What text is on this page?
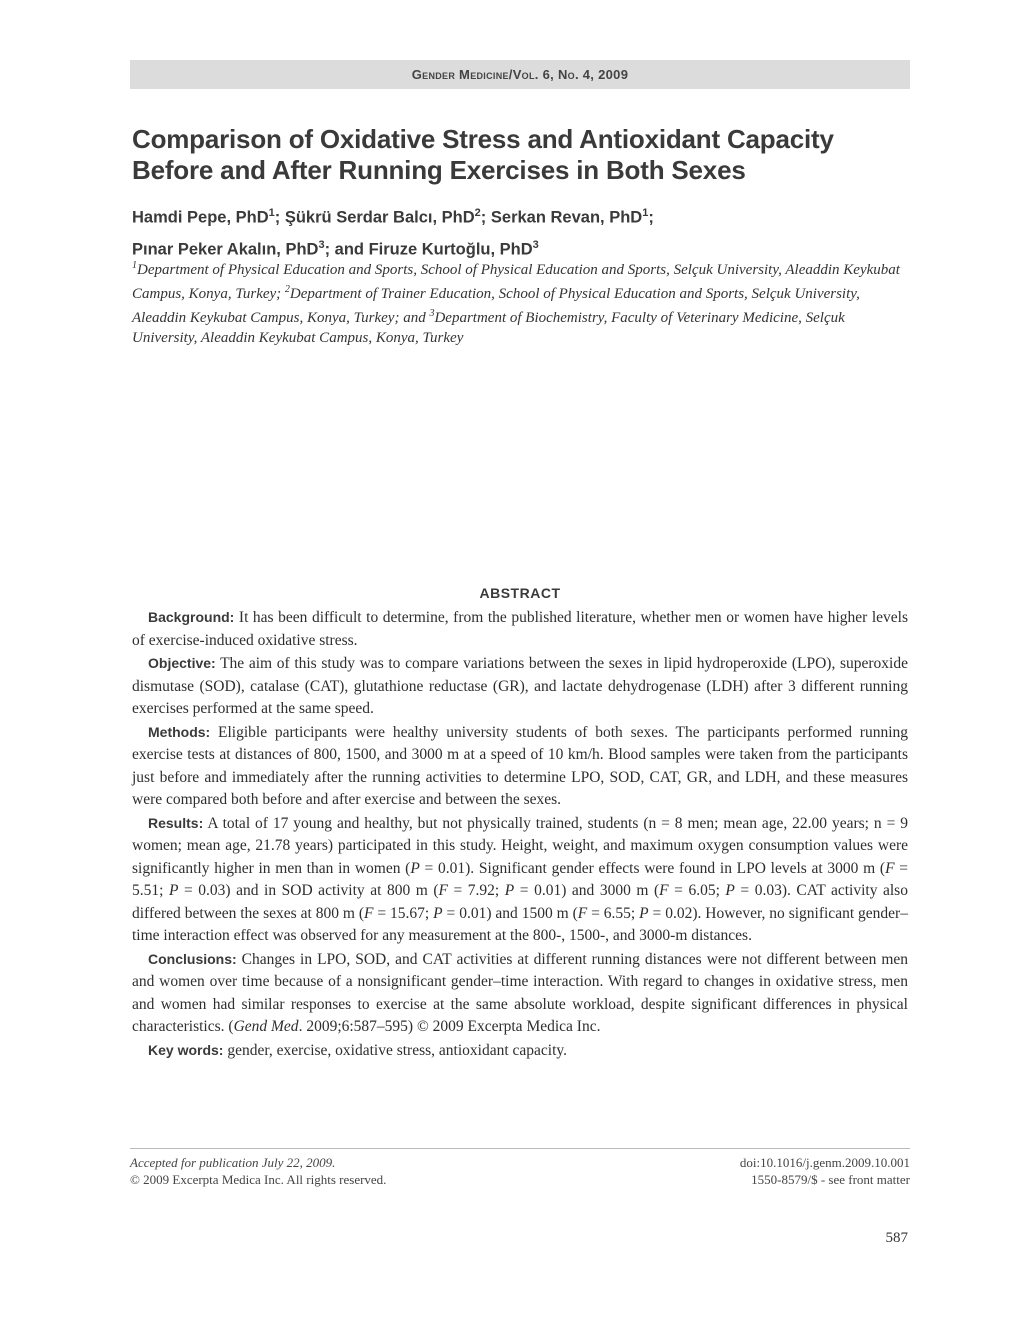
Gender Medicine/Vol. 6, No. 4, 2009
Comparison of Oxidative Stress and Antioxidant Capacity
Before and After Running Exercises in Both Sexes
Hamdi Pepe, PhD$^1$; Şükrü Serdar Balcı, PhD$^2$; Serkan Revan, PhD$^1$;
Pınar Peker Akalın, PhD$^3$; and Firuze Kurtoğlu, PhD$^3$
$^1$Department of Physical Education and Sports, School of Physical Education and Sports, Selçuk University, Aleaddin Keykubat Campus, Konya, Turkey; $^2$Department of Trainer Education, School of Physical Education and Sports, Selçuk University, Aleaddin Keykubat Campus, Konya, Turkey; and $^3$Department of Biochemistry, Faculty of Veterinary Medicine, Selçuk University, Aleaddin Keykubat Campus, Konya, Turkey
ABSTRACT

Background: It has been difficult to determine, from the published literature, whether men or women have higher levels of exercise-induced oxidative stress.

Objective: The aim of this study was to compare variations between the sexes in lipid hydroperoxide (LPO), superoxide dismutase (SOD), catalase (CAT), glutathione reductase (GR), and lactate dehydrogenase (LDH) after 3 different running exercises performed at the same speed.

Methods: Eligible participants were healthy university students of both sexes. The participants performed running exercise tests at distances of 800, 1500, and 3000 m at a speed of 10 km/h. Blood samples were taken from the participants just before and immediately after the running activities to determine LPO, SOD, CAT, GR, and LDH, and these measures were compared both before and after exercise and between the sexes.

Results: A total of 17 young and healthy, but not physically trained, students (n = 8 men; mean age, 22.00 years; n = 9 women; mean age, 21.78 years) participated in this study. Height, weight, and maximum oxygen consumption values were significantly higher in men than in women (P = 0.01). Significant gender effects were found in LPO levels at 3000 m (F = 5.51; P = 0.03) and in SOD activity at 800 m (F = 7.92; P = 0.01) and 3000 m (F = 6.05; P = 0.03). CAT activity also differed between the sexes at 800 m (F = 15.67; P = 0.01) and 1500 m (F = 6.55; P = 0.02). However, no significant gender–time interaction effect was observed for any measurement at the 800-, 1500-, and 3000-m distances.

Conclusions: Changes in LPO, SOD, and CAT activities at different running distances were not different between men and women over time because of a nonsignificant gender–time interaction. With regard to changes in oxidative stress, men and women had similar responses to exercise at the same absolute workload, despite significant differences in physical characteristics. (Gend Med. 2009;6:587–595) © 2009 Excerpta Medica Inc.

Key words: gender, exercise, oxidative stress, antioxidant capacity.

Accepted for publication July 22, 2009.
© 2009 Excerpta Medica Inc. All rights reserved.
doi:10.1016/j.genm.2009.10.001
1550-8579/$ - see front matter
587
